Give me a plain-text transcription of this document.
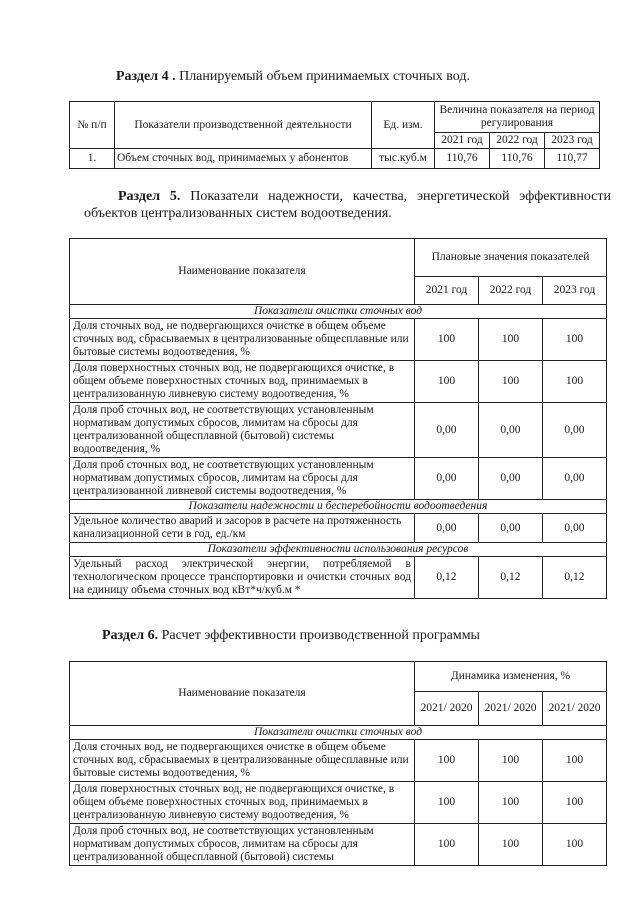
Раздел 4 . Планируемый объем принимаемых сточных вод.
№ п/п	Показатели производственной деятельности	Ед. изм.	Величина показателя на период регулирования		
			2021 год	2022 год	2023 год
1.	Объем сточных вод, принимаемых у абонентов	тыс.куб.м	110,76	110,76	110,77
Раздел 5. Показатели надежности, качества, энергетической эффективности объектов централизованных систем водоотведения.
Наименование показателя	Плановые значения показателей		
	2021 год	2022 год	2023 год
Показатели очистки сточных вод			
Доля сточных вод, не подвергающихся очистке в общем объеме сточных вод, сбрасываемых в централизованные общесплавные или бытовые системы водоотведения, %	100	100	100
Доля поверхностных сточных вод, не подвергающихся очистке, в общем объеме поверхностных сточных вод, принимаемых в централизованную ливневую систему водоотведения, %	100	100	100
Доля проб сточных вод, не соответствующих установленным нормативам допустимых сбросов, лимитам на сбросы для централизованной общесплавной (бытовой) системы водоотведения, %	0,00	0,00	0,00
Доля проб сточных вод, не соответствующих установленным нормативам допустимых сбросов, лимитам на сбросы для централизованной ливневой системы водоотведения, %	0,00	0,00	0,00
Показатели надежности и бесперебойности водоотведения			
Удельное количество аварий и засоров в расчете на протяженность канализационной сети в год, ед./км	0,00	0,00	0,00
Показатели эффективности использования ресурсов			
Удельный расход электрической энергии, потребляемой в технологическом процессе транспортировки и очистки сточных вод на единицу объема сточных вод кВт*ч/куб.м *	0,12	0,12	0,12
Раздел 6. Расчет эффективности производственной программы
Наименование показателя	Динамика изменения, %		
	2021/ 2020	2021/ 2020	2021/ 2020
Показатели очистки сточных вод			
Доля сточных вод, не подвергающихся очистке в общем объеме сточных вод, сбрасываемых в централизованные общесплавные или бытовые системы водоотведения, %	100	100	100
Доля поверхностных сточных вод, не подвергающихся очистке, в общем объеме поверхностных сточных вод, принимаемых в централизованную ливневую систему водоотведения, %	100	100	100
Доля проб сточных вод, не соответствующих установленным нормативам допустимых сбросов, лимитам на сбросы для централизованной общесплавной (бытовой) системы	100	100	100
